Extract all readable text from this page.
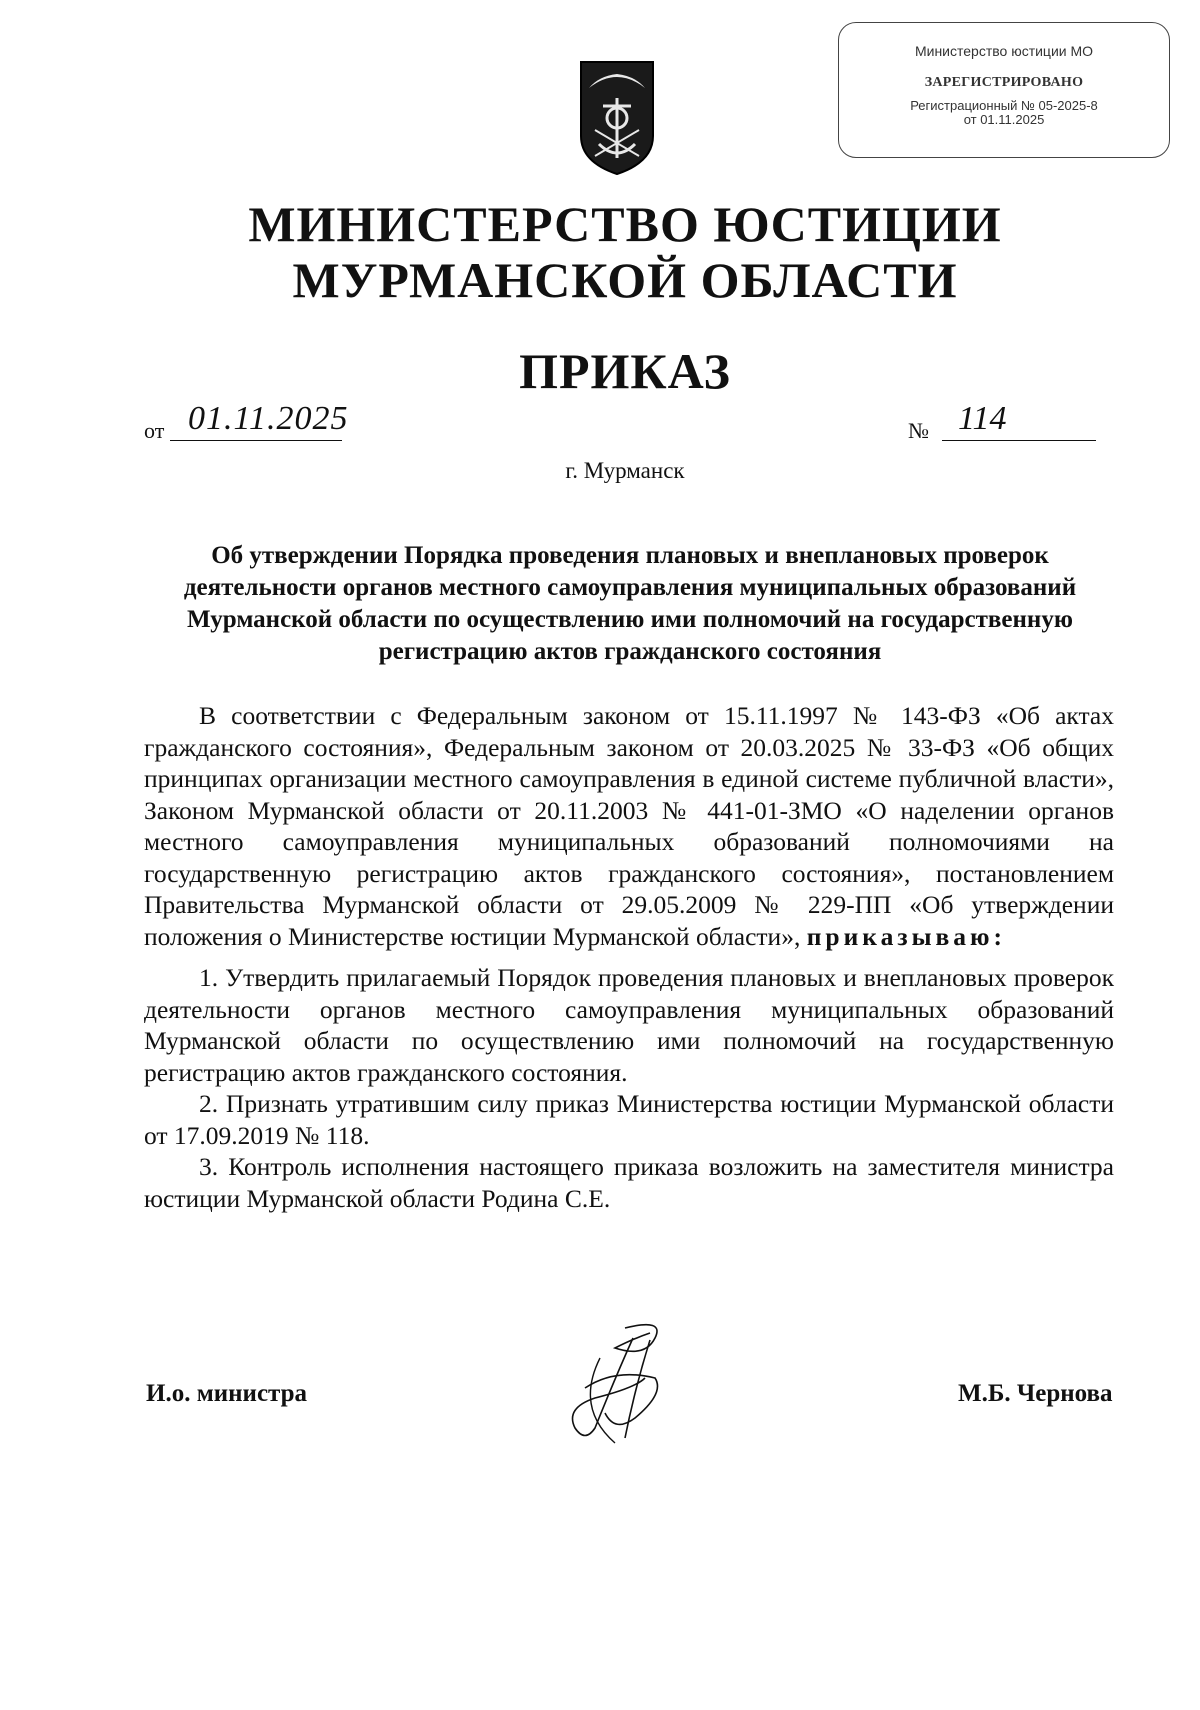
Министерство юстиции МО
ЗАРЕГИСТРИРОВАНО
Регистрационный № 05-2025-8
от 01.11.2025
МИНИСТЕРСТВО ЮСТИЦИИ
МУРМАНСКОЙ ОБЛАСТИ
ПРИКАЗ
от 01.11.2025	№ 114
г. Мурманск
Об утверждении Порядка проведения плановых и внеплановых проверок деятельности органов местного самоуправления муниципальных образований Мурманской области по осуществлению ими полномочий на государственную регистрацию актов гражданского состояния

В соответствии с Федеральным законом от 15.11.1997 № 143-ФЗ «Об актах гражданского состояния», Федеральным законом от 20.03.2025 № 33-ФЗ «Об общих принципах организации местного самоуправления в единой системе публичной власти», Законом Мурманской области от 20.11.2003 № 441-01-ЗМО «О наделении органов местного самоуправления муниципальных образований полномочиями на государственную регистрацию актов гражданского состояния», постановлением Правительства Мурманской области от 29.05.2009 № 229-ПП «Об утверждении положения о Министерстве юстиции Мурманской области», приказываю:

1. Утвердить прилагаемый Порядок проведения плановых и внеплановых проверок деятельности органов местного самоуправления муниципальных образований Мурманской области по осуществлению ими полномочий на государственную регистрацию актов гражданского состояния.

2. Признать утратившим силу приказ Министерства юстиции Мурманской области от 17.09.2019 № 118.

3. Контроль исполнения настоящего приказа возложить на заместителя министра юстиции Мурманской области Родина С.Е.

И.о. министра	М.Б. Чернова
